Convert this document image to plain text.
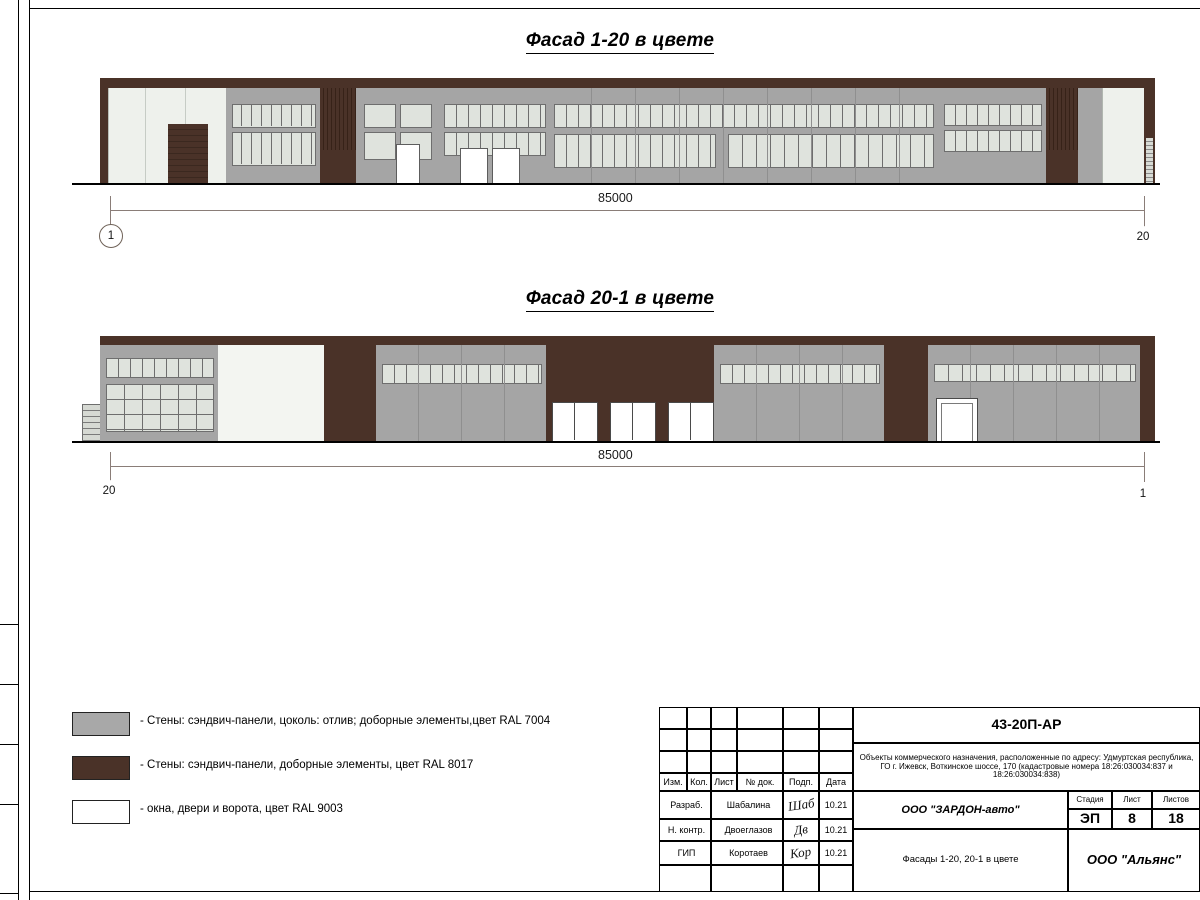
Фасад 1-20 в цвете
85000
1	20
Фасад 20-1 в цвете
85000
20	1
- Стены: сэндвич-панели, цоколь: отлив; доборные элементы,цвет RAL 7004
- Стены: сэндвич-панели, доборные элементы, цвет RAL 8017
- окна, двери и ворота, цвет RAL 9003
Изм. Кол. Лист	№ док.	Подп.	Дата
Разраб.	Шабалина	Шаб	10.21
Н. контр.	Двоеглазов	Дв	10.21
ГИП	Коротаев	Кор	10.21
43-20П-АР
Объекты коммерческого назначения, расположенные по адресу: Удмуртская республика, ГО г. Ижевск, Воткинское шоссе, 170 (кадастровые номера 18:26:030034:837 и 18:26:030034:838)
ООО "ЗАРДОН-авто"
Фасады 1-20, 20-1 в цвете
Стадия	Лист	Листов
ЭП	8	18
ООО "Альянс"
